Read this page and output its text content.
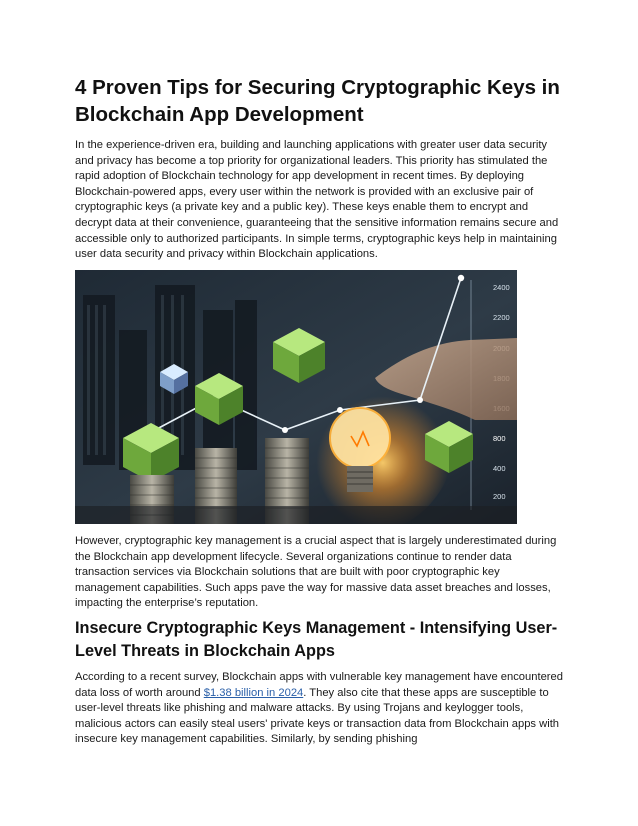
4 Proven Tips for Securing Cryptographic Keys in Blockchain App Development

In the experience-driven era, building and launching applications with greater user data security and privacy has become a top priority for organizational leaders. This priority has stimulated the rapid adoption of Blockchain technology for app development in recent times. By deploying Blockchain-powered apps, every user within the network is provided with an exclusive pair of cryptographic keys (a private key and a public key). These keys enable them to encrypt and decrypt data at their convenience, guaranteeing that the sensitive information remains secure and accessible only to authorized participants. In simple terms, cryptographic keys help in maintaining user data security and privacy within Blockchain applications.

2400
2200
800
400
200

However, cryptographic key management is a crucial aspect that is largely underestimated during the Blockchain app development lifecycle. Several organizations continue to render data transaction services via Blockchain solutions that are built with poor cryptographic key management capabilities. Such apps pave the way for massive data asset breaches and losses, impacting the enterprise’s reputation.

Insecure Cryptographic Keys Management - Intensifying User-Level Threats in Blockchain Apps

According to a recent survey, Blockchain apps with vulnerable key management have encountered data loss of worth around $1.38 billion in 2024. They also cite that these apps are susceptible to user-level threats like phishing and malware attacks. By using Trojans and keylogger tools, malicious actors can easily steal users' private keys or transaction data from Blockchain apps with insecure key management capabilities. Similarly, by sending phishing
